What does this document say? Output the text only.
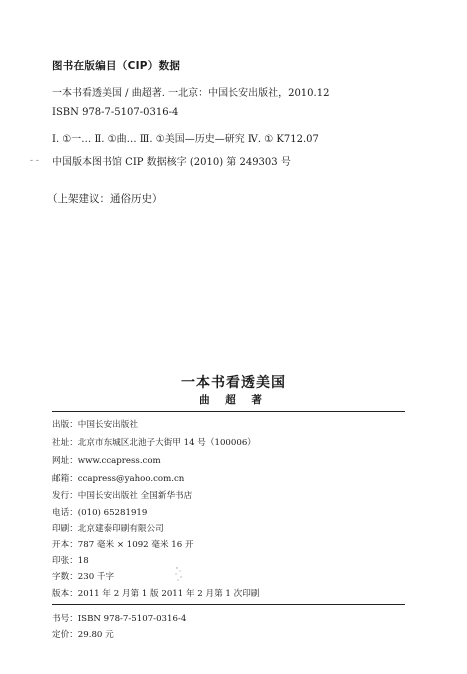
图书在版编目（CIP）数据
一本书看透美国 / 曲超著. 一北京：中国长安出版社，2010.12
ISBN 978-7-5107-0316-4
Ⅰ. ①一… Ⅱ. ①曲… Ⅲ. ①美国—历史—研究 Ⅳ. ① K712.07
- - 中国版本图书馆 CIP 数据核字 (2010) 第 249303 号
（上架建议：通俗历史）
一本书看透美国
曲 超 著
出版：中国长安出版社
社址：北京市东城区北池子大街甲 14 号（100006）
网址：www.ccapress.com
邮箱：ccapress@yahoo.com.cn
发行：中国长安出版社 全国新华书店
电话：(010) 65281919
印刷：北京建泰印刷有限公司
开本：787 毫米 × 1092 毫米 16 开
印张：18
字数：230 千字
版本：2011 年 2 月第 1 版 2011 年 2 月第 1 次印刷
书号：ISBN 978-7-5107-0316-4
定价：29.80 元
